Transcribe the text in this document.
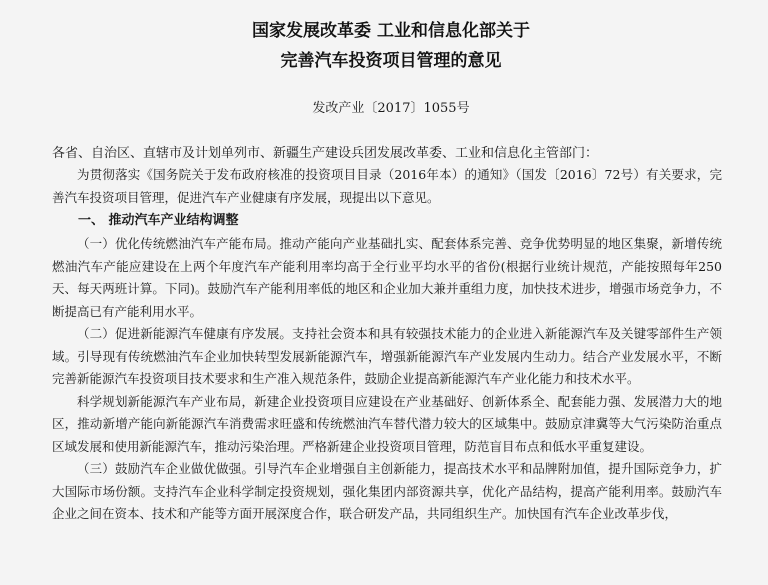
国家发展改革委 工业和信息化部关于
完善汽车投资项目管理的意见
发改产业〔2017〕1055号
各省、自治区、直辖市及计划单列市、新疆生产建设兵团发展改革委、工业和信息化主管部门：

为贯彻落实《国务院关于发布政府核准的投资项目目录（2016年本）的通知》（国发〔2016〕72号）有关要求，完善汽车投资项目管理，促进汽车产业健康有序发展，现提出以下意见。

一、 推动汽车产业结构调整

（一）优化传统燃油汽车产能布局。推动产能向产业基础扎实、配套体系完善、竞争优势明显的地区集聚，新增传统燃油汽车产能应建设在上两个年度汽车产能利用率均高于全行业平均水平的省份(根据行业统计规范，产能按照每年250天、每天两班计算。下同)。鼓励汽车产能利用率低的地区和企业加大兼并重组力度，加快技术进步，增强市场竞争力，不断提高已有产能利用水平。

（二）促进新能源汽车健康有序发展。支持社会资本和具有较强技术能力的企业进入新能源汽车及关键零部件生产领域。引导现有传统燃油汽车企业加快转型发展新能源汽车，增强新能源汽车产业发展内生动力。结合产业发展水平，不断完善新能源汽车投资项目技术要求和生产准入规范条件，鼓励企业提高新能源汽车产业化能力和技术水平。

科学规划新能源汽车产业布局，新建企业投资项目应建设在产业基础好、创新体系全、配套能力强、发展潜力大的地区，推动新增产能向新能源汽车消费需求旺盛和传统燃油汽车替代潜力较大的区域集中。鼓励京津冀等大气污染防治重点区域发展和使用新能源汽车，推动污染治理。严格新建企业投资项目管理，防范盲目布点和低水平重复建设。

（三）鼓励汽车企业做优做强。引导汽车企业增强自主创新能力，提高技术水平和品牌附加值，提升国际竞争力，扩大国际市场份额。支持汽车企业科学制定投资规划，强化集团内部资源共享，优化产品结构，提高产能利用率。鼓励汽车企业之间在资本、技术和产能等方面开展深度合作，联合研发产品，共同组织生产。加快国有汽车企业改革步伐，
